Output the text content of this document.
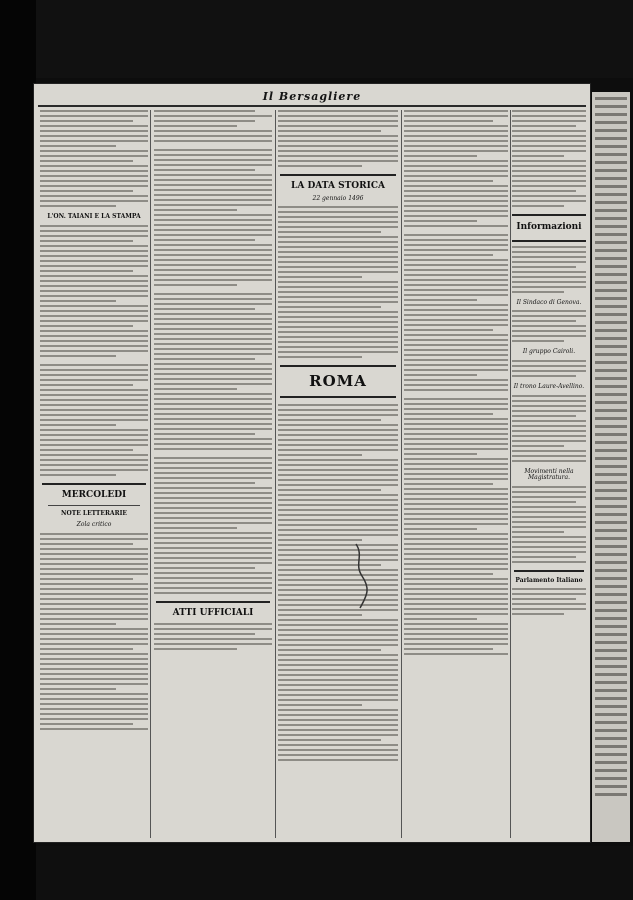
Il Bersagliere
L'ON. TAIANI E LA STAMPA
MERCOLEDI
NOTE LETTERARIE
Zola critico
ATTI UFFICIALI
LA DATA STORICA
22 gennaio 1496
ROMA
Informazioni
Il Sindaco di Genova.
Il gruppo Cairoli.
Il trono Laure-Avellino.
Movimenti nella Magistratura.
Parlamento Italiano
